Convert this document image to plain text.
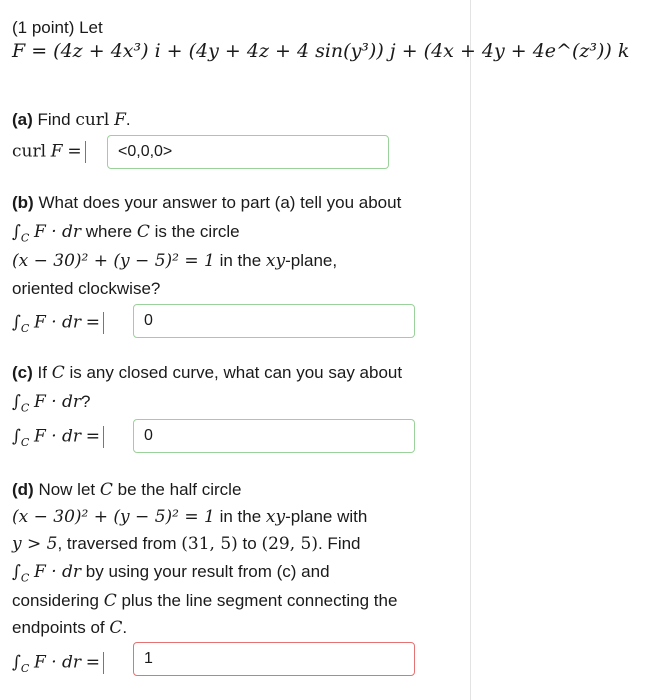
(1 point) Let
F = (4z + 4x³) i + (4y + 4z + 4 sin(y³)) j + (4x + 4y + 4e^(z³)) k
(a) Find curl F.
curl F =	<0,0,0>
(b) What does your answer to part (a) tell you about
$\int_C$ F · dr where C is the circle
(x − 30)² + (y − 5)² = 1 in the xy-plane,
oriented clockwise?
$\int_C$ F · dr =	0
(c) If C is any closed curve, what can you say about
$\int_C$ F · dr?
$\int_C$ F · dr =	0
(d) Now let C be the half circle
(x − 30)² + (y − 5)² = 1 in the xy-plane with
y > 5, traversed from (31, 5) to (29, 5). Find
$\int_C$ F · dr by using your result from (c) and
considering C plus the line segment connecting the
endpoints of C.
$\int_C$ F · dr =	1
